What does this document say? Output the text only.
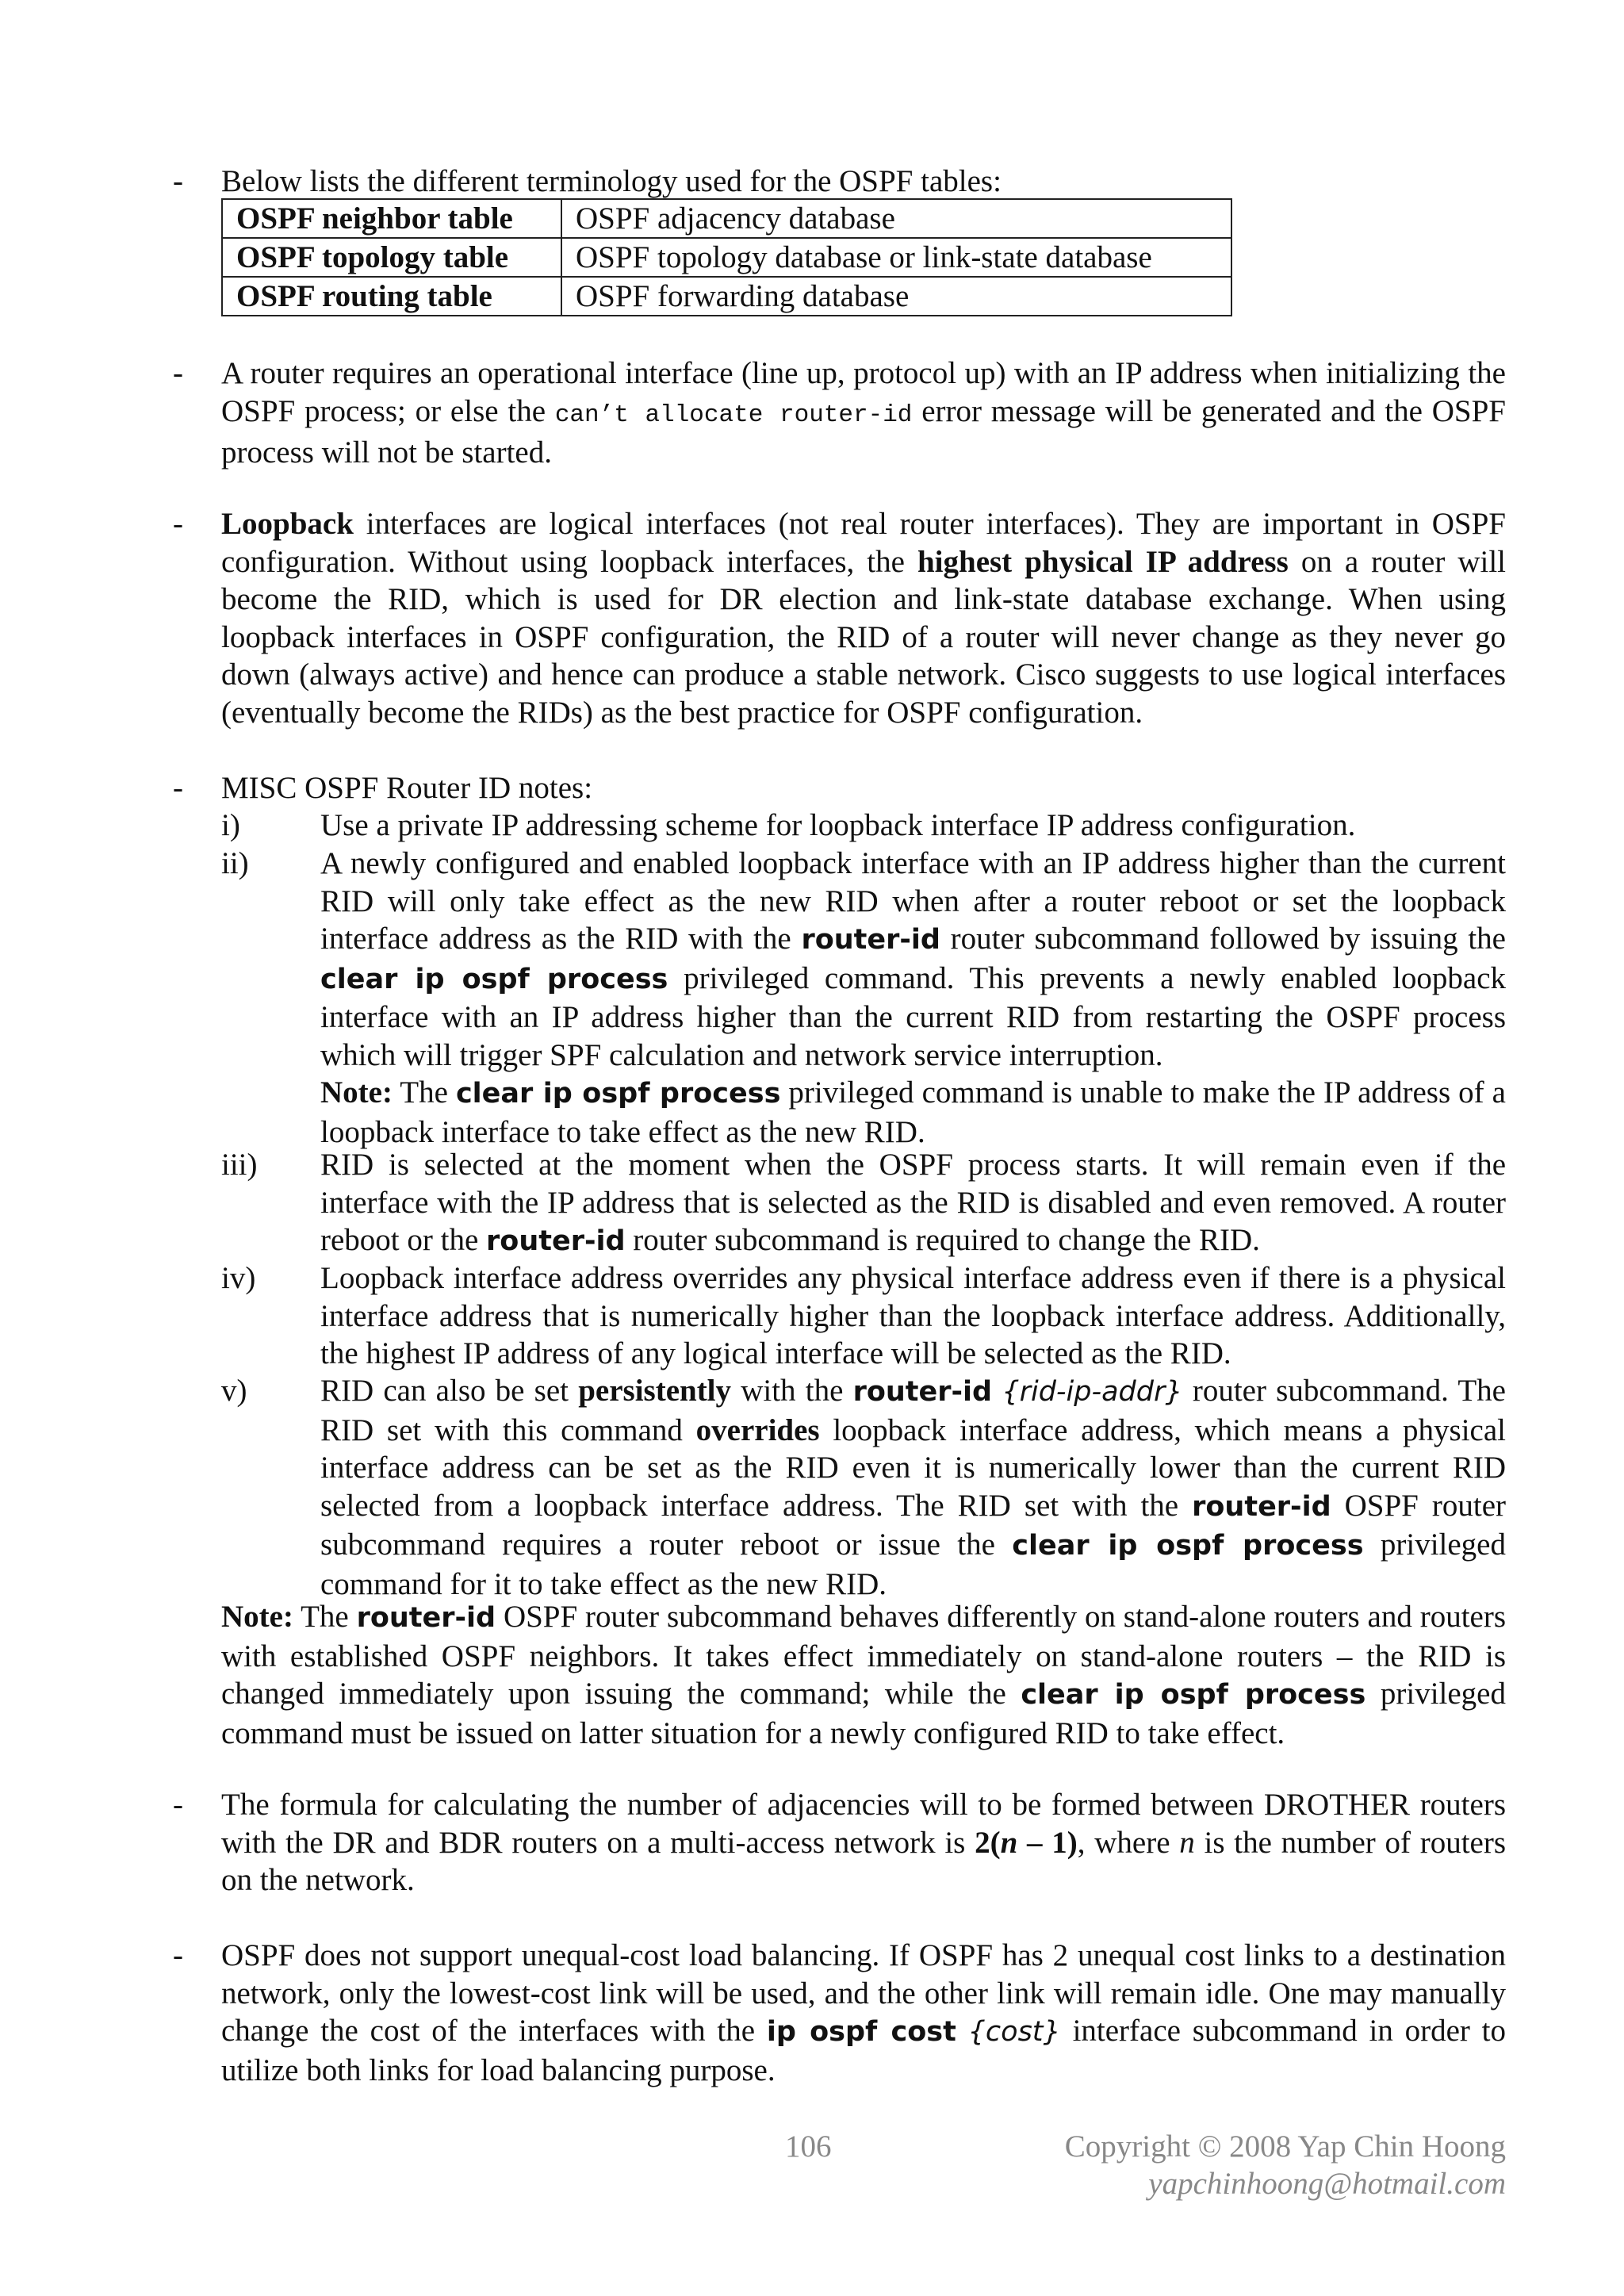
- Below lists the different terminology used for the OSPF tables:
OSPF neighbor table	OSPF adjacency database
OSPF topology table	OSPF topology database or link-state database
OSPF routing table	OSPF forwarding database
- A router requires an operational interface (line up, protocol up) with an IP address when initializing the OSPF process; or else the can’t allocate router-id error message will be generated and the OSPF process will not be started.

- Loopback interfaces are logical interfaces (not real router interfaces). They are important in OSPF configuration. Without using loopback interfaces, the highest physical IP address on a router will become the RID, which is used for DR election and link-state database exchange. When using loopback interfaces in OSPF configuration, the RID of a router will never change as they never go down (always active) and hence can produce a stable network. Cisco suggests to use logical interfaces (eventually become the RIDs) as the best practice for OSPF configuration.

- MISC OSPF Router ID notes:
i)	Use a private IP addressing scheme for loopback interface IP address configuration.
ii) A newly configured and enabled loopback interface with an IP address higher than the current RID will only take effect as the new RID when after a router reboot or set the loopback interface address as the RID with the router-id router subcommand followed by issuing the clear ip ospf process privileged command. This prevents a newly enabled loopback interface with an IP address higher than the current RID from restarting the OSPF process which will trigger SPF calculation and network service interruption.

Note: The clear ip ospf process privileged command is unable to make the IP address of a loopback interface to take effect as the new RID.

iii) RID is selected at the moment when the OSPF process starts. It will remain even if the interface with the IP address that is selected as the RID is disabled and even removed. A router reboot or the router-id router subcommand is required to change the RID.

iv) Loopback interface address overrides any physical interface address even if there is a physical interface address that is numerically higher than the loopback interface address. Additionally, the highest IP address of any logical interface will be selected as the RID.
v) RID can also be set persistently with the router-id {rid-ip-addr} router subcommand. The RID set with this command overrides loopback interface address, which means a physical interface address can be set as the RID even it is numerically lower than the current RID selected from a loopback interface address. The RID set with the router-id OSPF router subcommand requires a router reboot or issue the clear ip ospf process privileged command for it to take effect as the new RID.

Note: The router-id OSPF router subcommand behaves differently on stand-alone routers and routers with established OSPF neighbors. It takes effect immediately on stand-alone routers – the RID is changed immediately upon issuing the command; while the clear ip ospf process privileged command must be issued on latter situation for a newly configured RID to take effect.

- The formula for calculating the number of adjacencies will to be formed between DROTHER routers with the DR and BDR routers on a multi-access network is 2(n – 1), where n is the number of routers on the network.

- OSPF does not support unequal-cost load balancing. If OSPF has 2 unequal cost links to a destination network, only the lowest-cost link will be used, and the other link will remain idle. One may manually change the cost of the interfaces with the ip ospf cost {cost} interface subcommand in order to utilize both links for load balancing purpose.

106	Copyright © 2008 Yap Chin Hoong
yapchinhoong@hotmail.com
